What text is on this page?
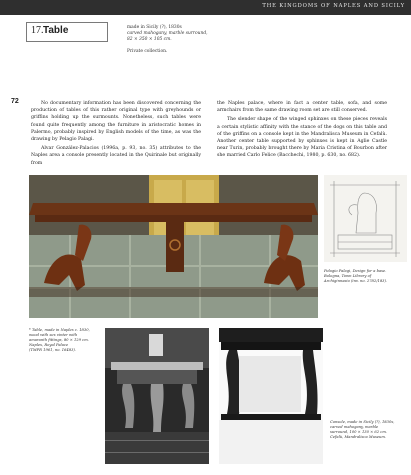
THE KINGDOMS OF NAPLES AND SICILY
17. Table	made in Sicily (?), 1830s
carved mahogany, marble surround,
82 × 350 × 105 cm.
Private collection.
72	No documentary information has been discovered concerning the production of tables of this rather original type with greyhounds or griffins holding up the surmounts. Nonetheless, such tables were found quite frequently among the furniture in aristocratic homes in Palermo, probably inspired by English models of the time, as was the drawing by Pelagio Palagi.

Alvar González-Palacios (1996a, p. 93, no. 35) attributes to the Naples area a console presently located in the Quirinale but originally from

the Naples palace, where in fact a center table, sofa, and some armchairs from the same drawing room set are still conserved.

The slender shape of the winged sphinxes on these pieces reveals a certain stylistic affinity with the stance of the dogs on this table and of the griffins on a console kept in the Mandralisca Museum in Cefalù. Another center table supported by sphinxes is kept in Aglie Castle near Turin, probably brought there by Maria Cristina of Bourbon after she married Carlo Felice (Bacchechi, 1980, p. 630, no. 682).

Pelagio Palagi, Design for a base.
Bologna, Town Library of
Archiginnasio (inv. no. 2782/183).
* Table, made in Naples c. 1830,
wood with sex vinter with
amaranth fittings, 80 × 129 cm.
Naples, Royal Palace
(TMPR 1961, no. 16483).
Console, made in Sicily (?), 1830s,
carved mahogany, marble
surround, 100 × 130 × 62 cm.
Cefalù, Mandralisca Museum.
